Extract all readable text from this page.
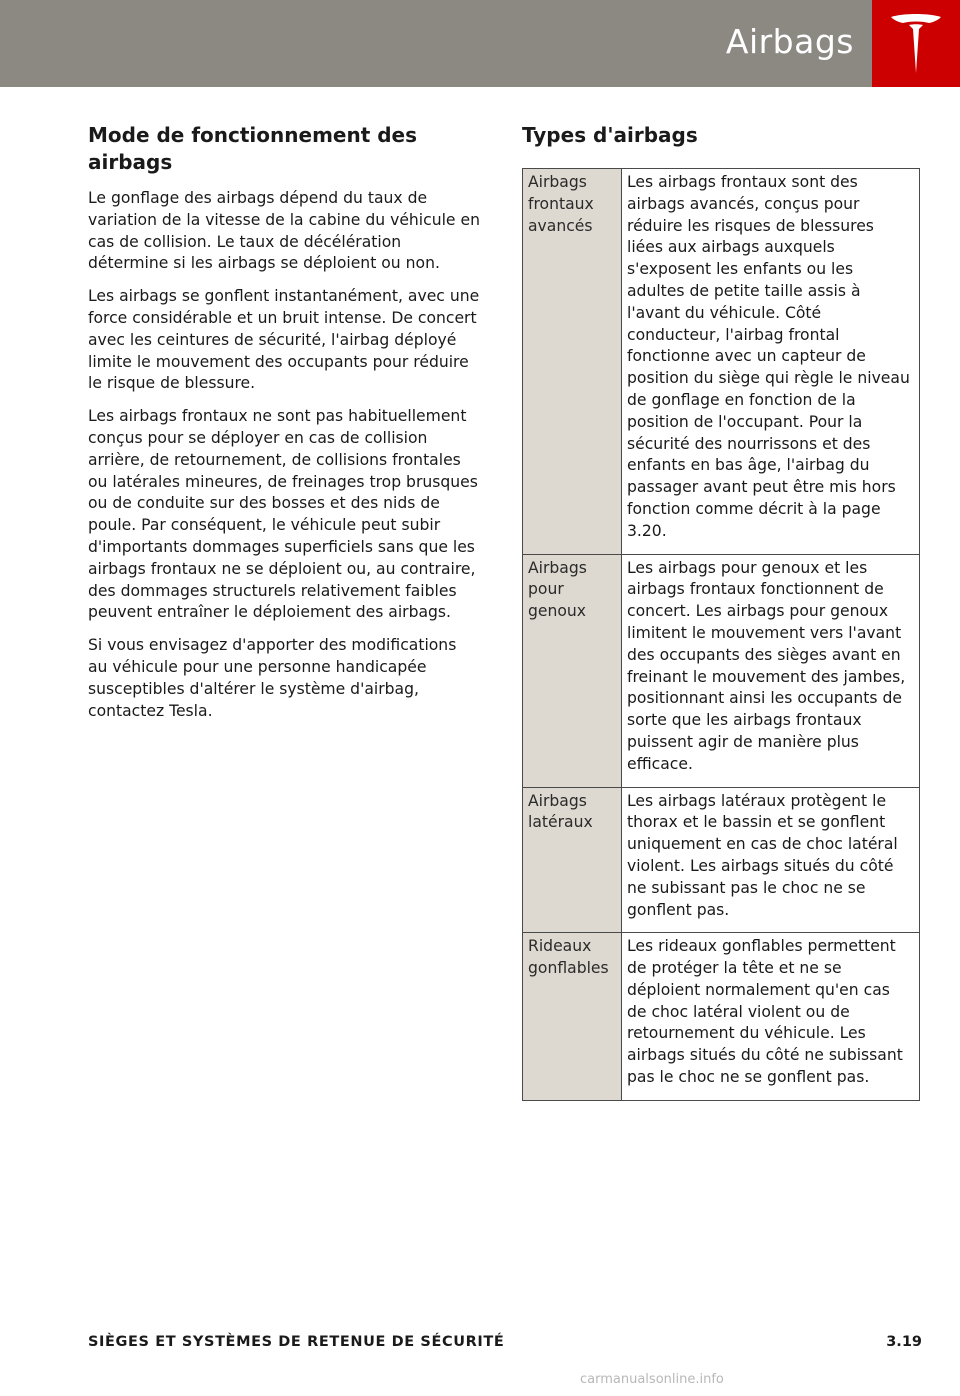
Airbags
Mode de fonctionnement des airbags

Le gonflage des airbags dépend du taux de variation de la vitesse de la cabine du véhicule en cas de collision. Le taux de décélération détermine si les airbags se déploient ou non.

Les airbags se gonflent instantanément, avec une force considérable et un bruit intense. De concert avec les ceintures de sécurité, l'airbag déployé limite le mouvement des occupants pour réduire le risque de blessure.

Les airbags frontaux ne sont pas habituellement conçus pour se déployer en cas de collision arrière, de retournement, de collisions frontales ou latérales mineures, de freinages trop brusques ou de conduite sur des bosses et des nids de poule. Par conséquent, le véhicule peut subir d'importants dommages superficiels sans que les airbags frontaux ne se déploient ou, au contraire, des dommages structurels relativement faibles peuvent entraîner le déploiement des airbags.

Si vous envisagez d'apporter des modifications au véhicule pour une personne handicapée susceptibles d'altérer le système d'airbag, contactez Tesla.

Types d'airbags
Airbags frontaux avancés	Les airbags frontaux sont des airbags avancés, conçus pour réduire les risques de blessures liées aux airbags auxquels s'exposent les enfants ou les adultes de petite taille assis à l'avant du véhicule. Côté conducteur, l'airbag frontal fonctionne avec un capteur de position du siège qui règle le niveau de gonflage en fonction de la position de l'occupant. Pour la sécurité des nourrissons et des enfants en bas âge, l'airbag du passager avant peut être mis hors fonction comme décrit à la page 3.20.
Airbags pour genoux	Les airbags pour genoux et les airbags frontaux fonctionnent de concert. Les airbags pour genoux limitent le mouvement vers l'avant des occupants des sièges avant en freinant le mouvement des jambes, positionnant ainsi les occupants de sorte que les airbags frontaux puissent agir de manière plus efficace.
Airbags latéraux	Les airbags latéraux protègent le thorax et le bassin et se gonflent uniquement en cas de choc latéral violent. Les airbags situés du côté ne subissant pas le choc ne se gonflent pas.
Rideaux gonflables	Les rideaux gonflables permettent de protéger la tête et ne se déploient normalement qu'en cas de choc latéral violent ou de retournement du véhicule. Les airbags situés du côté ne subissant pas le choc ne se gonflent pas.
SIÈGES ET SYSTÈMES DE RETENUE DE SÉCURITÉ	3.19
carmanualsonline.info
